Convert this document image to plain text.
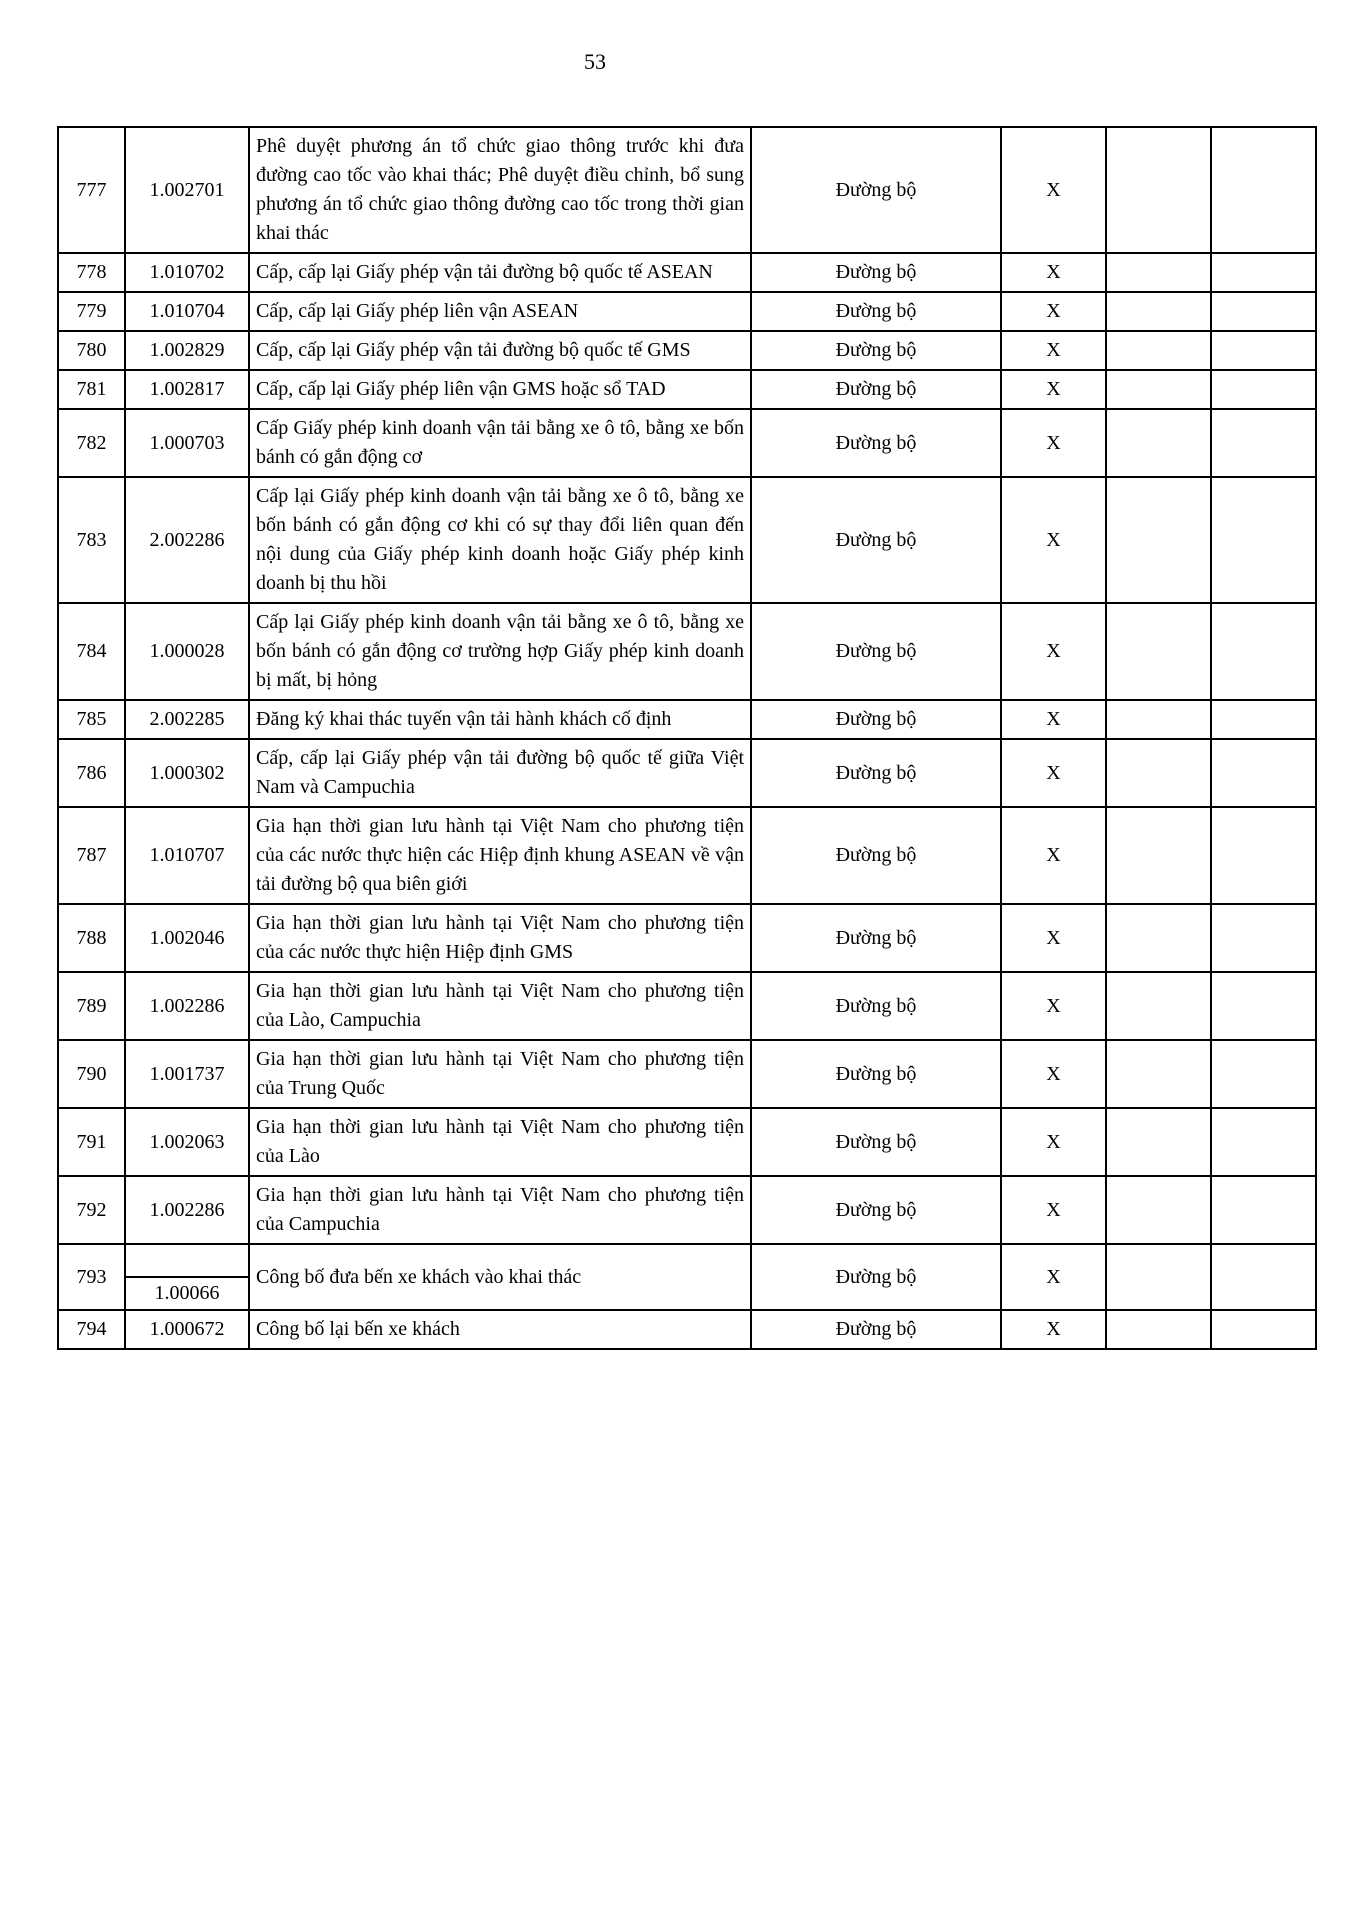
53
777	1.002701	Phê duyệt phương án tổ chức giao thông trước khi đưa đường cao tốc vào khai thác; Phê duyệt điều chỉnh, bổ sung phương án tổ chức giao thông đường cao tốc trong thời gian khai thác	Đường bộ	X		
778	1.010702	Cấp, cấp lại Giấy phép vận tải đường bộ quốc tế ASEAN	Đường bộ	X		
779	1.010704	Cấp, cấp lại Giấy phép liên vận ASEAN	Đường bộ	X		
780	1.002829	Cấp, cấp lại Giấy phép vận tải đường bộ quốc tế GMS	Đường bộ	X		
781	1.002817	Cấp, cấp lại Giấy phép liên vận GMS hoặc sổ TAD	Đường bộ	X		
782	1.000703	Cấp Giấy phép kinh doanh vận tải bằng xe ô tô, bằng xe bốn bánh có gắn động cơ	Đường bộ	X		
783	2.002286	Cấp lại Giấy phép kinh doanh vận tải bằng xe ô tô, bằng xe bốn bánh có gắn động cơ khi có sự thay đổi liên quan đến nội dung của Giấy phép kinh doanh hoặc Giấy phép kinh doanh bị thu hồi	Đường bộ	X		
784	1.000028	Cấp lại Giấy phép kinh doanh vận tải bằng xe ô tô, bằng xe bốn bánh có gắn động cơ trường hợp Giấy phép kinh doanh bị mất, bị hỏng	Đường bộ	X		
785	2.002285	Đăng ký khai thác tuyến vận tải hành khách cố định	Đường bộ	X		
786	1.000302	Cấp, cấp lại Giấy phép vận tải đường bộ quốc tế giữa Việt Nam và Campuchia	Đường bộ	X		
787	1.010707	Gia hạn thời gian lưu hành tại Việt Nam cho phương tiện của các nước thực hiện các Hiệp định khung ASEAN về vận tải đường bộ qua biên giới	Đường bộ	X		
788	1.002046	Gia hạn thời gian lưu hành tại Việt Nam cho phương tiện của các nước thực hiện Hiệp định GMS	Đường bộ	X		
789	1.002286	Gia hạn thời gian lưu hành tại Việt Nam cho phương tiện của Lào, Campuchia	Đường bộ	X		
790	1.001737	Gia hạn thời gian lưu hành tại Việt Nam cho phương tiện của Trung Quốc	Đường bộ	X		
791	1.002063	Gia hạn thời gian lưu hành tại Việt Nam cho phương tiện của Lào	Đường bộ	X		
792	1.002286	Gia hạn thời gian lưu hành tại Việt Nam cho phương tiện của Campuchia	Đường bộ	X		
793	1.00066	Công bố đưa bến xe khách vào khai thác	Đường bộ	X		
794	1.000672	Công bố lại bến xe khách	Đường bộ	X		
